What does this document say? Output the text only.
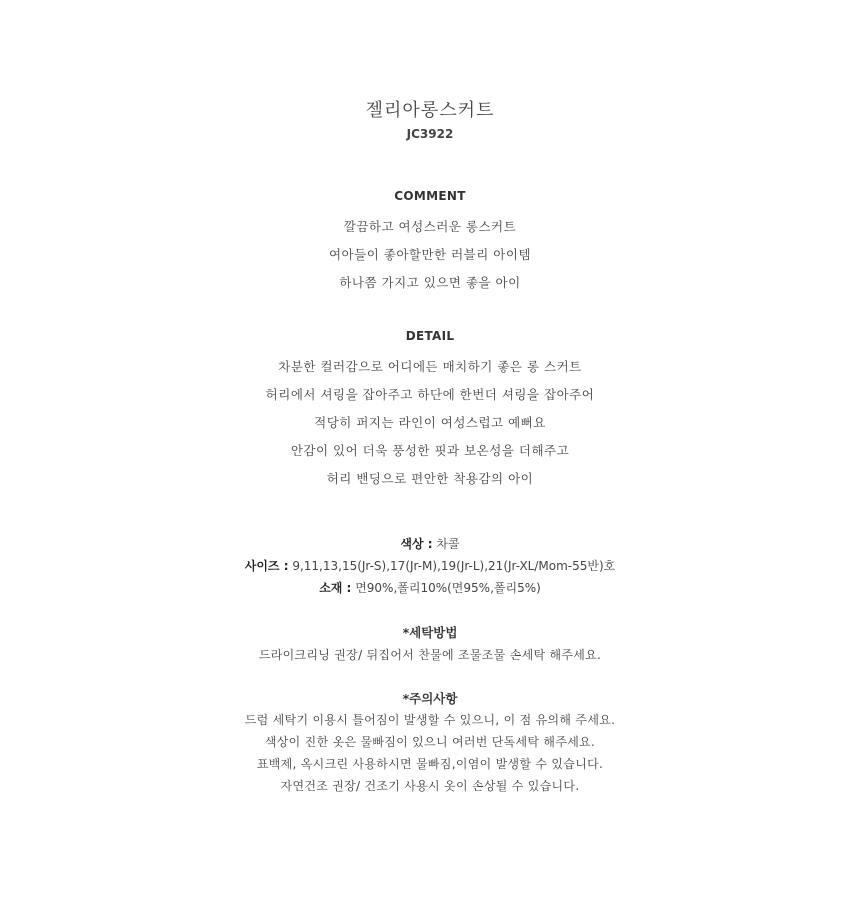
젤리아롱스커트
JC3922
COMMENT
깔끔하고 여성스러운 롱스커트
여아들이 좋아할만한 러블리 아이템
하나쯤 가지고 있으면 좋을 아이
DETAIL
차분한 컬러감으로 어디에든 매치하기 좋은 롱 스커트
허리에서 셔링을 잡아주고 하단에 한번더 셔링을 잡아주어
적당히 퍼지는 라인이 여성스럽고 예뻐요
안감이 있어 더욱 풍성한 핏과 보온성을 더해주고
허리 밴딩으로 편안한 착용감의 아이
색상 : 차콜
사이즈 : 9,11,13,15(Jr-S),17(Jr-M),19(Jr-L),21(Jr-XL/Mom-55반)호
소재 : 면90%,폴리10%(면95%,폴리5%)
*세탁방법
드라이크리닝 권장/ 뒤집어서 찬물에 조물조물 손세탁 해주세요.
*주의사항
드럼 세탁기 이용시 틀어짐이 발생할 수 있으니, 이 점 유의해 주세요.
색상이 진한 옷은 물빠짐이 있으니 여러번 단독세탁 해주세요.
표백제, 옥시크린 사용하시면 물빠짐,이염이 발생할 수 있습니다.
자연건조 권장/ 건조기 사용시 옷이 손상될 수 있습니다.
